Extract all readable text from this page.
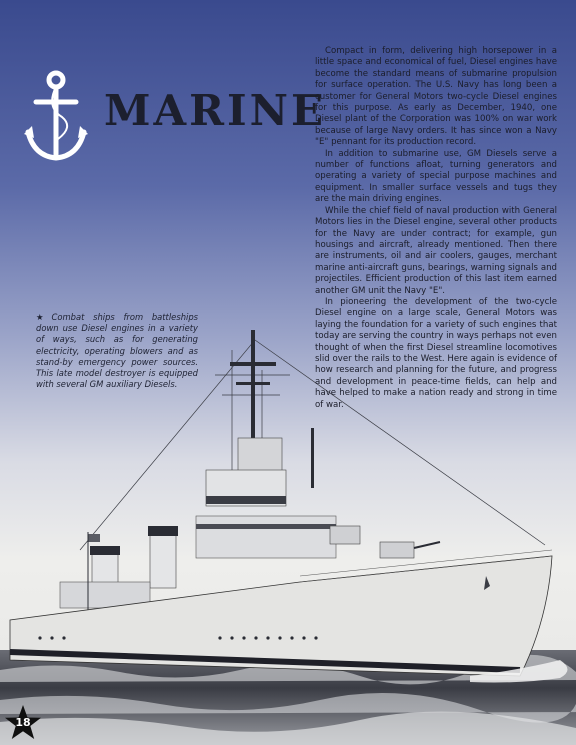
MARINE

Compact in form, delivering high horsepower in a little space and economical of fuel, Diesel engines have become the standard means of submarine propulsion for surface operation. The U.S. Navy has long been a customer for General Motors two-cycle Diesel engines for this purpose. As early as December, 1940, one Diesel plant of the Corporation was 100% on war work because of large Navy orders. It has since won a Navy "E" pennant for its production record.

In addition to submarine use, GM Diesels serve a number of functions afloat, turning generators and operating a variety of special purpose machines and equipment. In smaller surface vessels and tugs they are the main driving engines.

While the chief field of naval production with General Motors lies in the Diesel engine, several other products for the Navy are under contract; for example, gun housings and aircraft, already mentioned. Then there are instruments, oil and air coolers, gauges, merchant marine anti-aircraft guns, bearings, warning signals and projectiles. Efficient production of this last item earned another GM unit the Navy "E".

In pioneering the development of the two-cycle Diesel engine on a large scale, General Motors was laying the foundation for a variety of such engines that today are serving the country in ways perhaps not even thought of when the first Diesel streamline locomotives slid over the rails to the West. Here again is evidence of how research and planning for the future, and progress and development in peace-time fields, can help and have helped to make a nation ready and strong in time of war.

★ Combat ships from battleships down use Diesel engines in a variety of ways, such as for generating electricity, operating blowers and as stand-by emergency power sources. This late model destroyer is equipped with several GM auxiliary Diesels.
18
